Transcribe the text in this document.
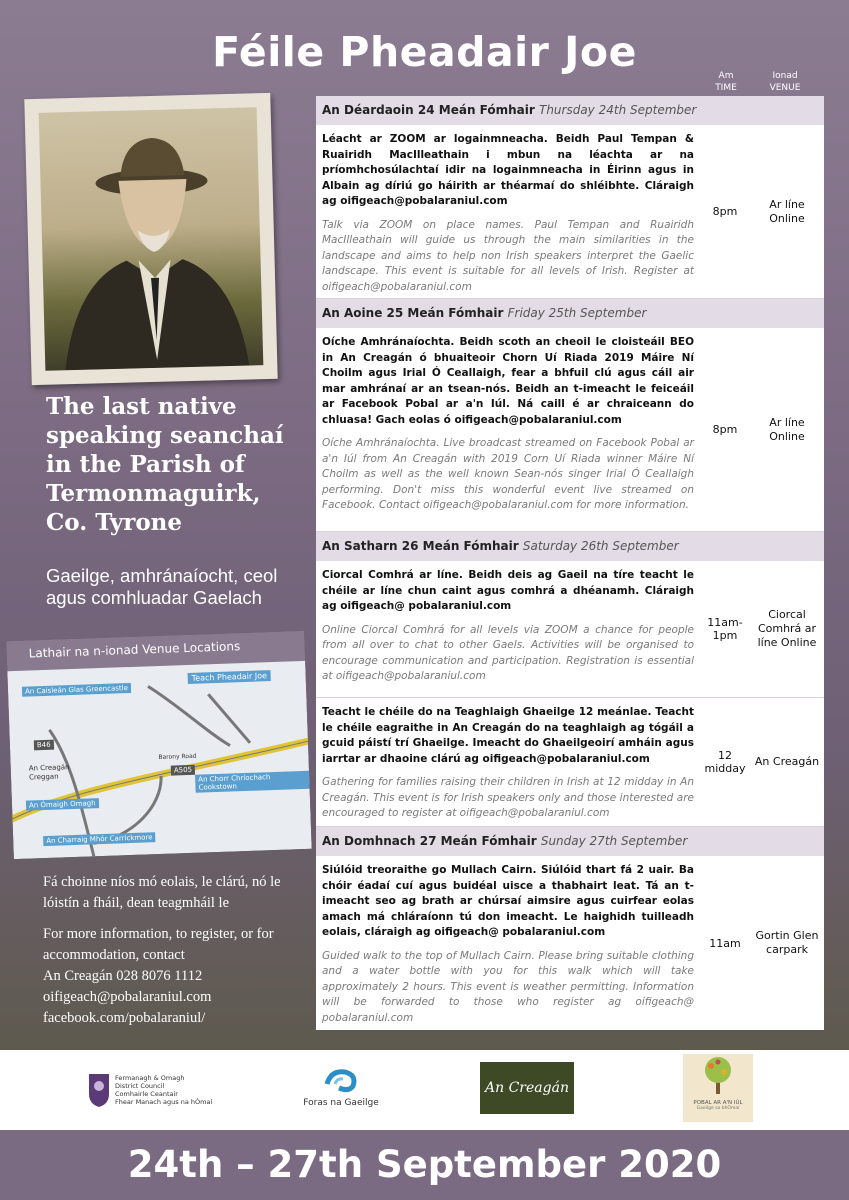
Féile Pheadair Joe	Am
TIME
Ionad
VENUE
The last native speaking seanchaí in the Parish of Termonmaguirk, Co. Tyrone
Gaeilge, amhránaíocht, ceol agus comhluadar Gaelach
Lathair na n-ionad Venue Locations
An Caisleán Glas Greencastle
Teach Pheadair Joe
B46
Barony Road
A505
An Creagán Creggan
An Ómaigh Omagh
An Chorr Chríochach Cookstown
An Charraig Mhór Carrickmore

Fá choinne níos mó eolais, le clárú, nó le lóistín a fháil, dean teagmháil le

For more information, to register, or for accommodation, contact

An Creagán 028 8076 1112
oifigeach@pobalaraniul.com
facebook.com/pobalaraniul/
An Déardaoin 24 Meán Fómhair Thursday 24th September
Léacht ar ZOOM ar logainmneacha. Beidh Paul Tempan & Ruairidh MacIlleathain i mbun na léachta ar na príomhchosúlachtaí idir na logainmneacha in Éirinn agus in Albain ag díriú go háirith ar théarmaí do shléibhte. Cláraigh ag oifigeach@pobalaraniul.com
Talk via ZOOM on place names. Paul Tempan and Ruairidh MacIlleathain will guide us through the main similarities in the landscape and aims to help non Irish speakers interpret the Gaelic landscape. This event is suitable for all levels of Irish. Register at oifigeach@pobalaraniul.com
8pm
Ar líne Online
An Aoine 25 Meán Fómhair Friday 25th September
Oíche Amhránaíochta. Beidh scoth an cheoil le cloisteáil BEO in An Creagán ó bhuaiteoir Chorn Uí Riada 2019 Máire Ní Choilm agus Irial Ó Ceallaigh, fear a bhfuil clú agus cáil air mar amhránaí ar an tsean-nós. Beidh an t-imeacht le feiceáil ar Facebook Pobal ar a'n Iúl. Ná caill é ar chraiceann do chluasa! Gach eolas ó oifigeach@pobalaraniul.com
Oíche Amhránaíochta. Live broadcast streamed on Facebook Pobal ar a'n Iúl from An Creagán with 2019 Corn Uí Riada winner Máire Ní Choilm as well as the well known Sean-nós singer Irial Ó Ceallaigh performing. Don't miss this wonderful event live streamed on Facebook. Contact oifigeach@pobalaraniul.com for more information.
8pm
Ar líne Online
An Satharn 26 Meán Fómhair Saturday 26th September
Ciorcal Comhrá ar líne. Beidh deis ag Gaeil na tíre teacht le chéile ar líne chun caint agus comhrá a dhéanamh. Cláraigh ag oifigeach@ pobalaraniul.com
Online Ciorcal Comhrá for all levels via ZOOM a chance for people from all over to chat to other Gaels. Activities will be organised to encourage communication and participation. Registration is essential at oifigeach@pobalaraniul.com
11am-1pm
Ciorcal Comhrá ar líne Online
Teacht le chéile do na Teaghlaigh Ghaeilge 12 meánlae. Teacht le chéile eagraithe in An Creagán do na teaghlaigh ag tógáil a gcuid páistí trí Ghaeilge. Imeacht do Ghaeilgeoirí amháin agus iarrtar ar dhaoine clárú ag oifigeach@pobalaraniul.com
Gathering for families raising their children in Irish at 12 midday in An Creagán. This event is for Irish speakers only and those interested are encouraged to register at oifigeach@pobalaraniul.com
12 midday
An Creagán
An Domhnach 27 Meán Fómhair Sunday 27th September
Siúlóid treoraithe go Mullach Cairn. Siúlóid thart fá 2 uair. Ba chóir éadaí cuí agus buidéal uisce a thabhairt leat. Tá an t-imeacht seo ag brath ar chúrsaí aimsire agus cuirfear eolas amach má chláraíonn tú don imeacht. Le haighidh tuilleadh eolais, cláraigh ag oifigeach@ pobalaraniul.com
Guided walk to the top of Mullach Cairn. Please bring suitable clothing and a water bottle with you for this walk which will take approximately 2 hours. This event is weather permitting. Information will be forwarded to those who register ag oifigeach@ pobalaraniul.com
11am
Gortin Glen carpark
Fermanagh & Omagh
District Council
Comhairle Ceantair
Fhear Manach agus na hÓmaí	Foras na Gaeilge
An Creagán
POBAL AR A'N IÚL
Gaeilge sa bhOmaí
24th – 27th September 2020
